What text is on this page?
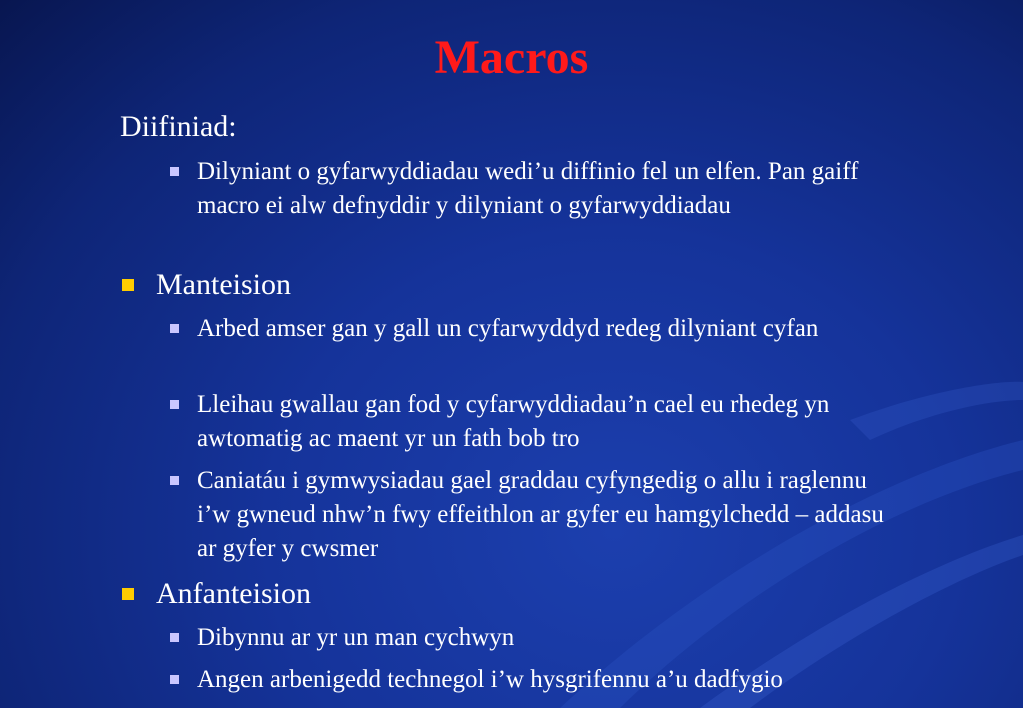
Macros
Diifiniad:
Dilyniant o gyfarwyddiadau wedi’u diffinio fel un elfen. Pan gaiff macro ei alw defnyddir y dilyniant o gyfarwyddiadau
Manteision
Arbed amser gan y gall un cyfarwyddyd redeg dilyniant cyfan
Lleihau gwallau gan fod y cyfarwyddiadau’n cael eu rhedeg yn awtomatig ac maent yr un fath bob tro
Caniatáu i gymwysiadau gael graddau cyfyngedig o allu i raglennu i’w gwneud nhw’n fwy effeithlon ar gyfer eu hamgylchedd – addasu ar gyfer y cwsmer
Anfanteision
Dibynnu ar yr un man cychwyn
Angen arbenigedd technegol i’w hysgrifennu a’u dadfygio
